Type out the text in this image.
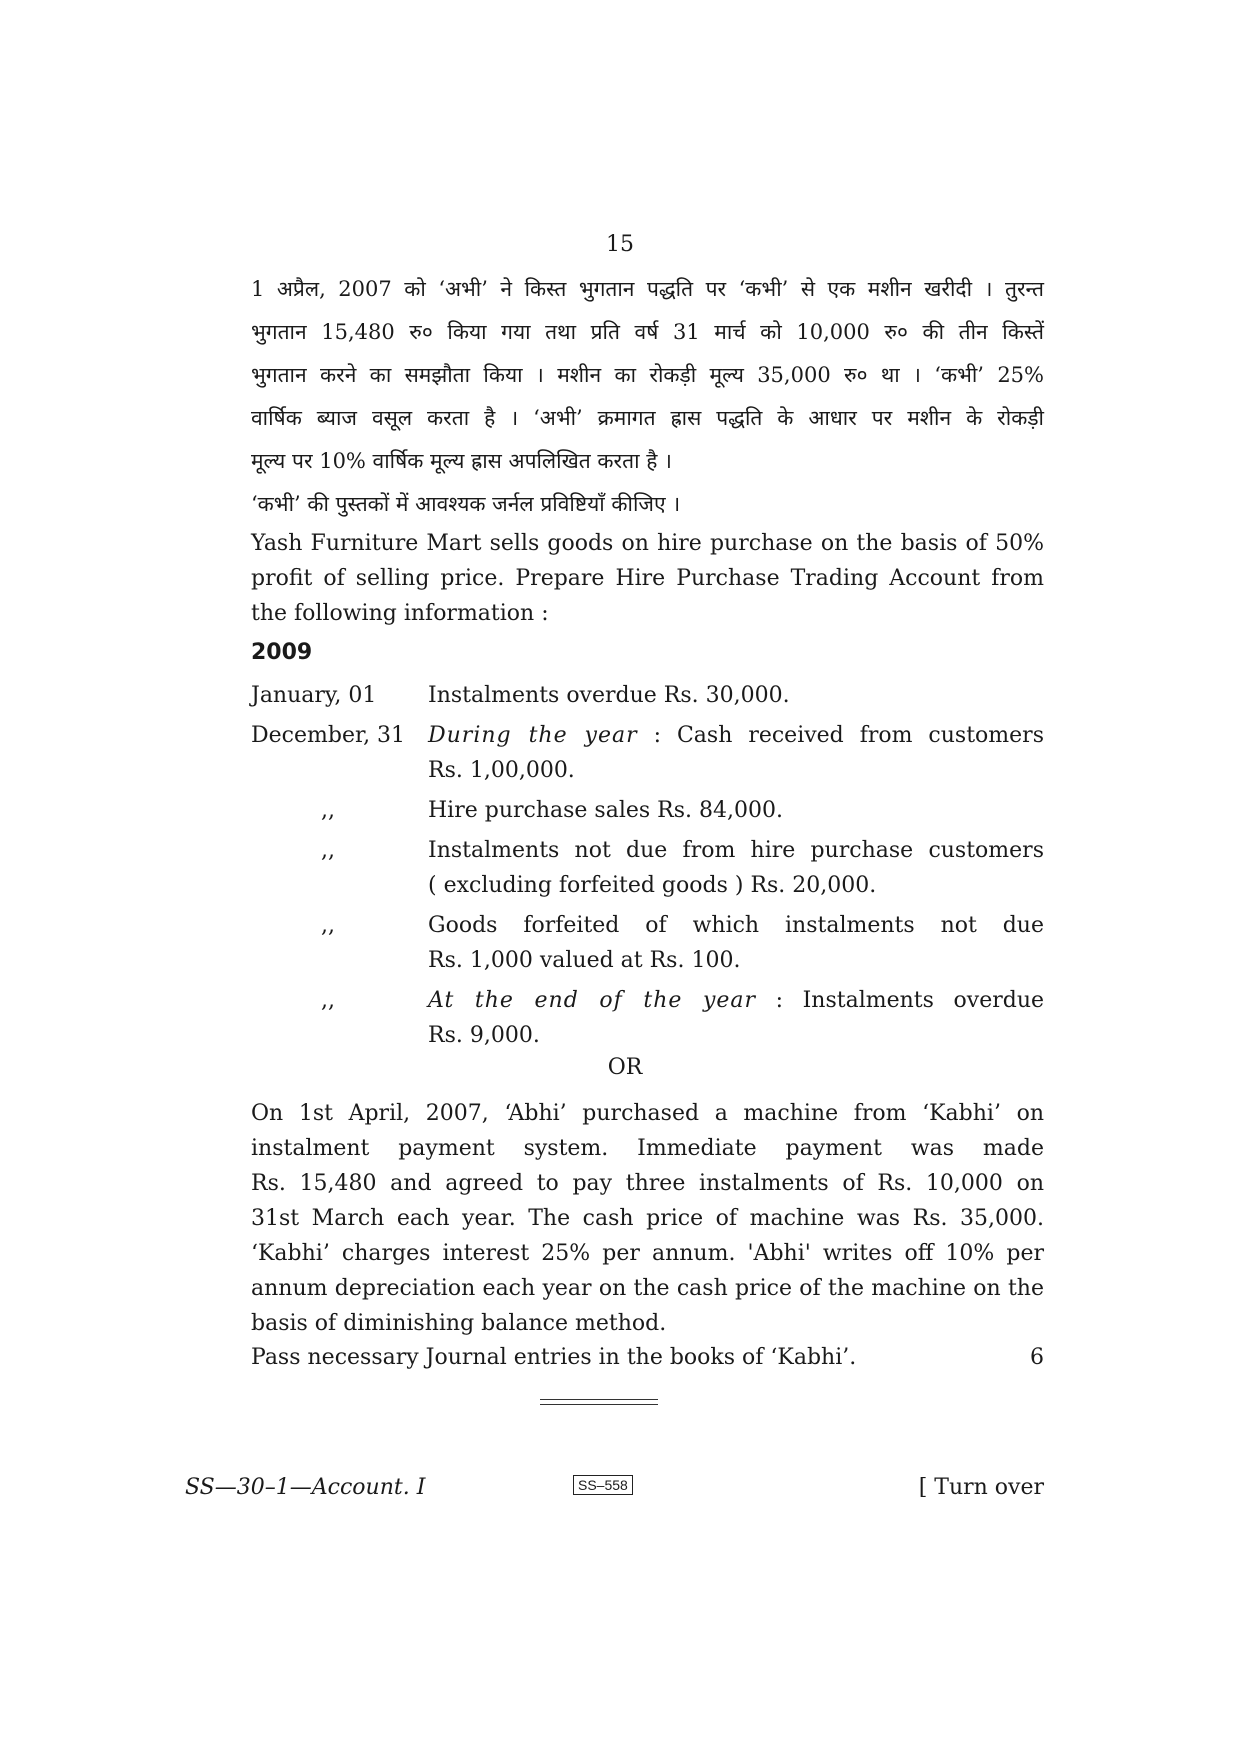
15

1 अप्रैल, 2007 को ‘अभी’ ने किस्त भुगतान पद्धति पर ‘कभी’ से एक मशीन खरीदी । तुरन्त

भुगतान 15,480 रु० किया गया तथा प्रति वर्ष 31 मार्च को 10,000 रु० की तीन किस्तें

भुगतान करने का समझौता किया । मशीन का रोकड़ी मूल्य 35,000 रु० था । ‘कभी’ 25%

वार्षिक ब्याज वसूल करता है । ‘अभी’ क्रमागत ह्रास पद्धति के आधार पर मशीन के रोकड़ी

मूल्य पर 10% वार्षिक मूल्य ह्रास अपलिखित करता है ।

‘कभी’ की पुस्तकों में आवश्यक जर्नल प्रविष्टियाँ कीजिए ।

Yash Furniture Mart sells goods on hire purchase on the basis of 50%

profit of selling price. Prepare Hire Purchase Trading Account from

the following information :

2009
January, 01	Instalments overdue Rs. 30,000.
December, 31	During the year : Cash received from customers
Rs. 1,00,000.
,,	Hire purchase sales Rs. 84,000.
,,	Instalments not due from hire purchase customers
( excluding forfeited goods ) Rs. 20,000.
,,	Goods forfeited of which instalments not due
Rs. 1,000 valued at Rs. 100.
,,	At the end of the year : Instalments overdue
Rs. 9,000.
OR

On 1st April, 2007, ‘Abhi’ purchased a machine from ‘Kabhi’ on

instalment payment system. Immediate payment was made

Rs. 15,480 and agreed to pay three instalments of Rs. 10,000 on

31st March each year. The cash price of machine was Rs. 35,000.

‘Kabhi’ charges interest 25% per annum. 'Abhi' writes off 10% per

annum depreciation each year on the cash price of the machine on the

basis of diminishing balance method.

Pass necessary Journal entries in the books of ‘Kabhi’.	6
SS—30–1—Account. I	SS–558	[ Turn over
